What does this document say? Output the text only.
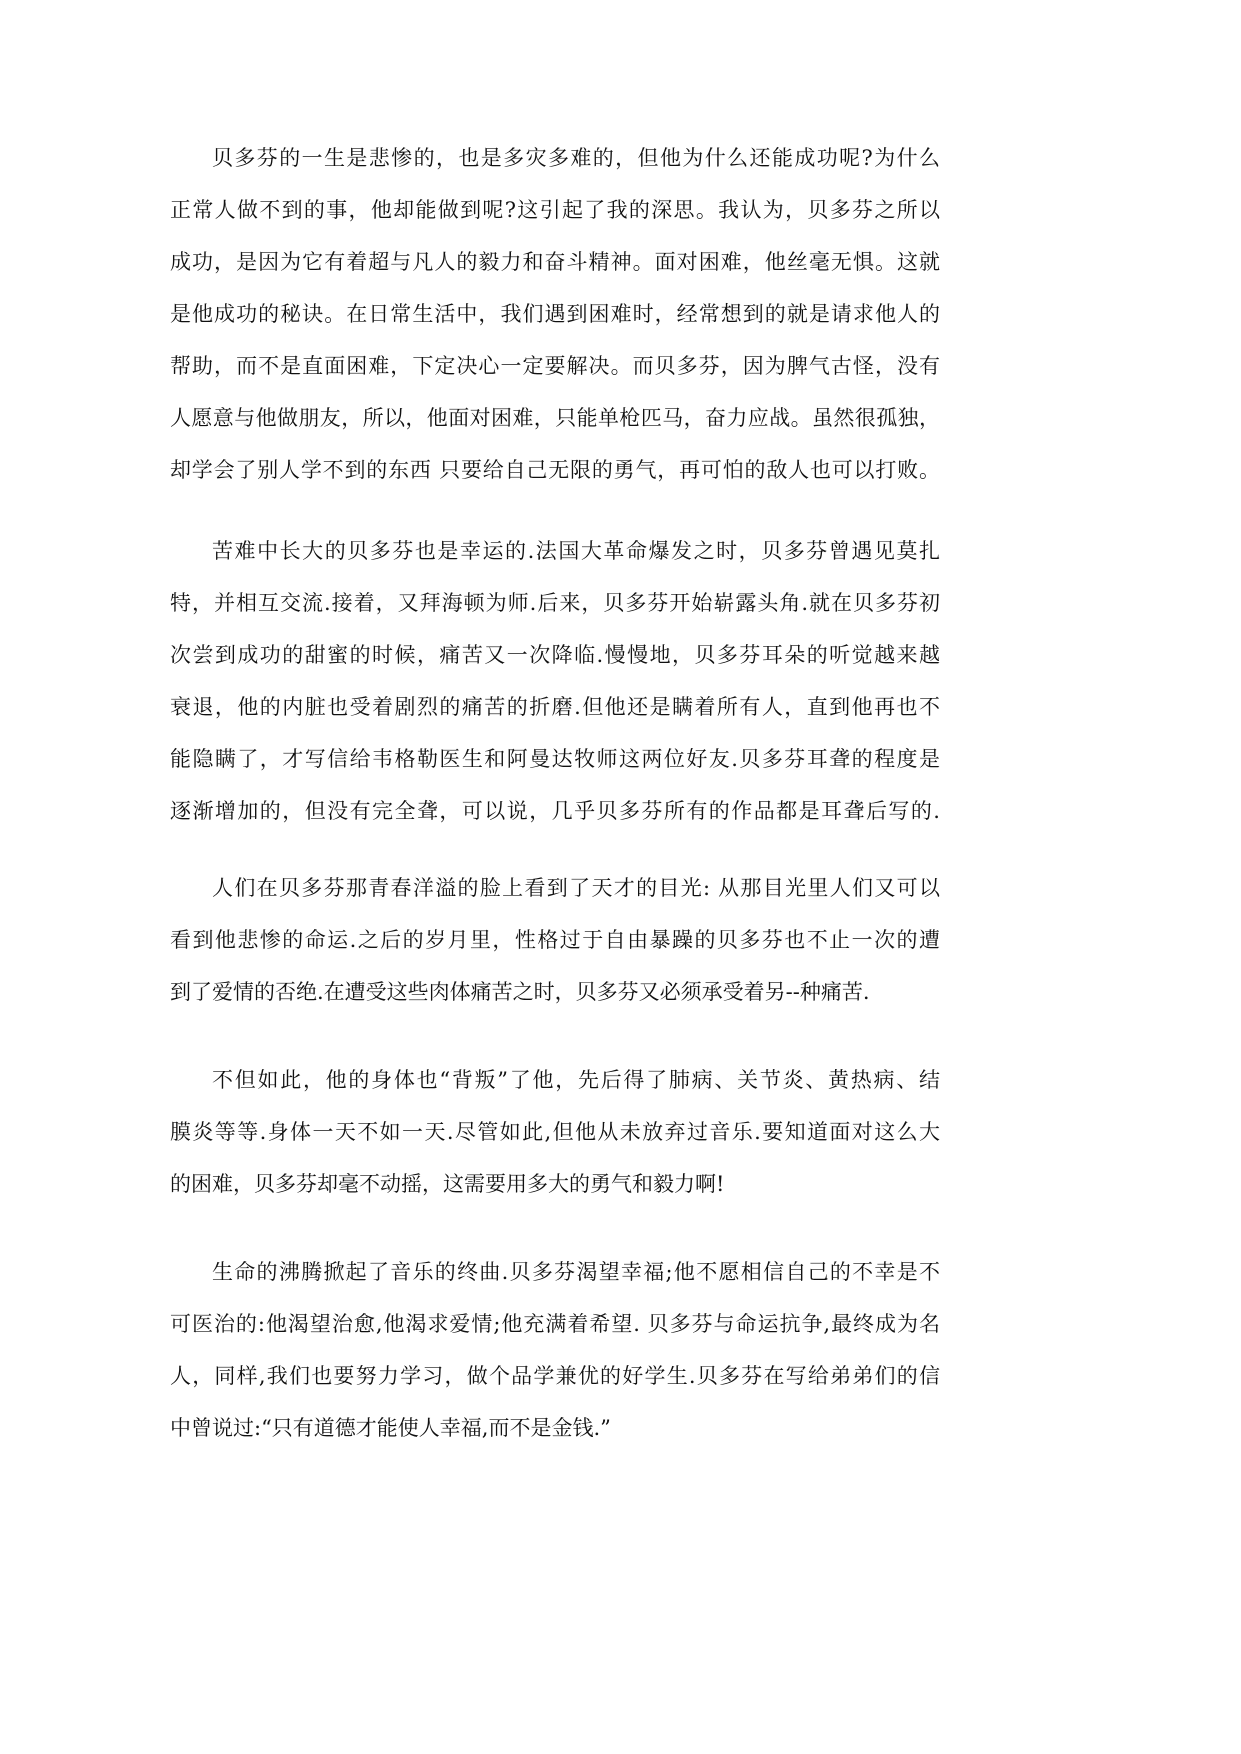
贝多芬的一生是悲惨的，也是多灾多难的，但他为什么还能成功呢?为什么
正常人做不到的事，他却能做到呢?这引起了我的深思。我认为，贝多芬之所以
成功，是因为它有着超与凡人的毅力和奋斗精神。面对困难，他丝毫无惧。这就
是他成功的秘诀。在日常生活中，我们遇到困难时，经常想到的就是请求他人的
帮助，而不是直面困难，下定决心一定要解决。而贝多芬，因为脾气古怪，没有
人愿意与他做朋友，所以，他面对困难，只能单枪匹马，奋力应战。虽然很孤独，
却学会了别人学不到的东西 只要给自己无限的勇气，再可怕的敌人也可以打败。
苦难中长大的贝多芬也是幸运的.法国大革命爆发之时，贝多芬曾遇见莫扎
特，并相互交流.接着，又拜海顿为师.后来，贝多芬开始崭露头角.就在贝多芬初
次尝到成功的甜蜜的时候，痛苦又一次降临.慢慢地，贝多芬耳朵的听觉越来越
衰退，他的内脏也受着剧烈的痛苦的折磨.但他还是瞒着所有人，直到他再也不
能隐瞒了，才写信给韦格勒医生和阿曼达牧师这两位好友.贝多芬耳聋的程度是
逐渐增加的，但没有完全聋，可以说，几乎贝多芬所有的作品都是耳聋后写的.
人们在贝多芬那青春洋溢的脸上看到了天才的目光: 从那目光里人们又可以
看到他悲惨的命运.之后的岁月里，性格过于自由暴躁的贝多芬也不止一次的遭
到了爱情的否绝.在遭受这些肉体痛苦之时，贝多芬又必须承受着另--种痛苦.
不但如此，他的身体也“背叛”了他，先后得了肺病、关节炎、黄热病、结
膜炎等等.身体一天不如一天.尽管如此,但他从未放弃过音乐.要知道面对这么大
的困难，贝多芬却毫不动摇，这需要用多大的勇气和毅力啊!
生命的沸腾掀起了音乐的终曲.贝多芬渴望幸福;他不愿相信自己的不幸是不
可医治的:他渴望治愈,他渴求爱情;他充满着希望. 贝多芬与命运抗争,最终成为名
人，同样,我们也要努力学习，做个品学兼优的好学生.贝多芬在写给弟弟们的信
中曾说过:“只有道德才能使人幸福,而不是金钱.”
